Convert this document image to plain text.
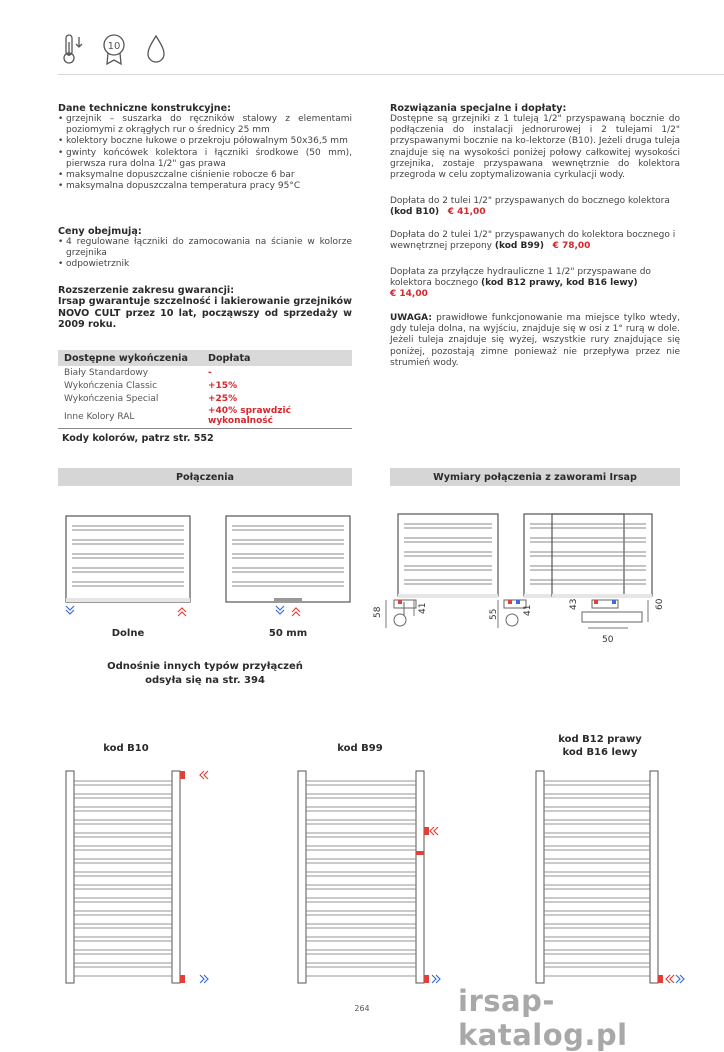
10
Dane techniczne konstrukcyjne:
• grzejnik – suszarka do ręczników stalowy z elementami poziomymi z okrągłych rur o średnicy 25 mm
• kolektory boczne łukowe o przekroju półowalnym 50x36,5 mm
• gwinty końcówek kolektora i łączniki środkowe (50 mm), pierwsza rura dolna 1/2" gas prawa
• maksymalne dopuszczalne ciśnienie robocze 6 bar
• maksymalna dopuszczalna temperatura pracy 95°C
Ceny obejmują:
• 4 regulowane łączniki do zamocowania na ścianie w kolorze grzejnika
• odpowietrznik
Rozszerzenie zakresu gwarancji:
Irsap gwarantuje szczelność i lakierowanie grzejników NOVO CULT przez 10 lat, począwszy od sprzedaży w 2009 roku.
Dostępne wykończenia	Dopłata
Biały Standardowy	-
Wykończenia Classic	+15%
Wykończenia Special	+25%
Inne Kolory RAL	+40% sprawdzić wykonalność
Kody kolorów, patrz str. 552
Rozwiązania specjalne i dopłaty:
Dostępne są grzejniki z 1 tuleją 1/2" przyspawaną bocznie do podłączenia do instalacji jednorurowej i 2 tulejami 1/2" przyspawanymi bocznie na ko-lektorze (B10). Jeżeli druga tuleja znajduje się na wysokości poniżej połowy całkowitej wysokości grzejnika, zostaje przyspawana wewnętrznie do kolektora przegroda w celu zoptymalizowania cyrkulacji wody.
Dopłata do 2 tulei 1/2" przyspawanych do bocznego kolektora
(kod B10) € 41,00
Dopłata do 2 tulei 1/2" przyspawanych do kolektora bocznego i wewnętrznej przepony (kod B99) € 78,00
Dopłata za przyłącze hydrauliczne 1 1/2" przyspawane do kolektora bocznego (kod B12 prawy, kod B16 lewy)
€ 14,00
UWAGA: prawidłowe funkcjonowanie ma miejsce tylko wtedy, gdy tuleja dolna, na wyjściu, znajduje się w osi z 1° rurą w dole. Jeżeli tuleja znajduje się wyżej, wszystkie rury znajdujące się poniżej, pozostają zimne ponieważ nie przepływa przez nie strumień wody.
Połączenia	Wymiary połączenia z zaworami Irsap
Dolne	50 mm
Odnośnie innych typów przyłączeń
odsyła się na str. 394
58	41
55	41
43	60
50
kod B10	kod B99
kod B12 prawy
kod B16 lewy
264	irsap-katalog.pl
